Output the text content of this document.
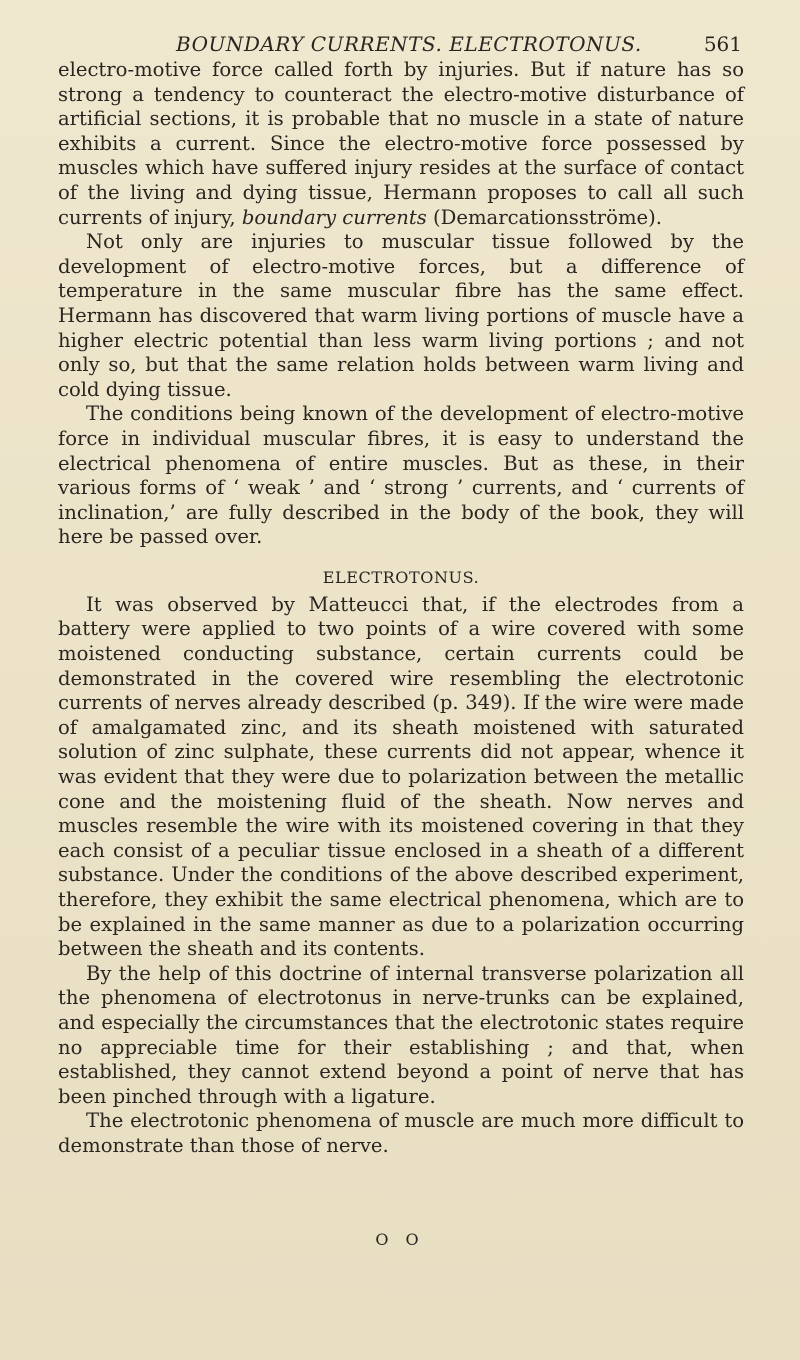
BOUNDARY CURRENTS. ELECTROTONUS.	561

electro-motive force called forth by injuries. But if nature has so strong a tendency to counteract the electro-motive disturbance of artificial sections, it is probable that no muscle in a state of nature exhibits a current. Since the electro-motive force possessed by muscles which have suffered injury resides at the surface of contact of the living and dying tissue, Hermann proposes to call all such currents of injury, boundary currents (Demarcationsströme).

Not only are injuries to muscular tissue followed by the development of electro-motive forces, but a difference of temperature in the same muscular fibre has the same effect. Hermann has discovered that warm living portions of muscle have a higher electric potential than less warm living portions ; and not only so, but that the same relation holds between warm living and cold dying tissue.

The conditions being known of the development of electro-motive force in individual muscular fibres, it is easy to understand the electrical phenomena of entire muscles. But as these, in their various forms of ‘ weak ’ and ‘ strong ’ currents, and ‘ currents of inclination,’ are fully described in the body of the book, they will here be passed over.

ELECTROTONUS.

It was observed by Matteucci that, if the electrodes from a battery were applied to two points of a wire covered with some moistened conducting substance, certain currents could be demonstrated in the covered wire resembling the electrotonic currents of nerves already described (p. 349). If the wire were made of amalgamated zinc, and its sheath moistened with saturated solution of zinc sulphate, these currents did not appear, whence it was evident that they were due to polarization between the metallic cone and the moistening fluid of the sheath. Now nerves and muscles resemble the wire with its moistened covering in that they each consist of a peculiar tissue enclosed in a sheath of a different substance. Under the conditions of the above described experiment, therefore, they exhibit the same electrical phenomena, which are to be explained in the same manner as due to a polarization occurring between the sheath and its contents.

By the help of this doctrine of internal transverse polarization all the phenomena of electrotonus in nerve-trunks can be explained, and especially the circumstances that the electrotonic states require no appreciable time for their establishing ; and that, when established, they cannot extend beyond a point of nerve that has been pinched through with a ligature.

The electrotonic phenomena of muscle are much more difficult to demonstrate than those of nerve.

O O
